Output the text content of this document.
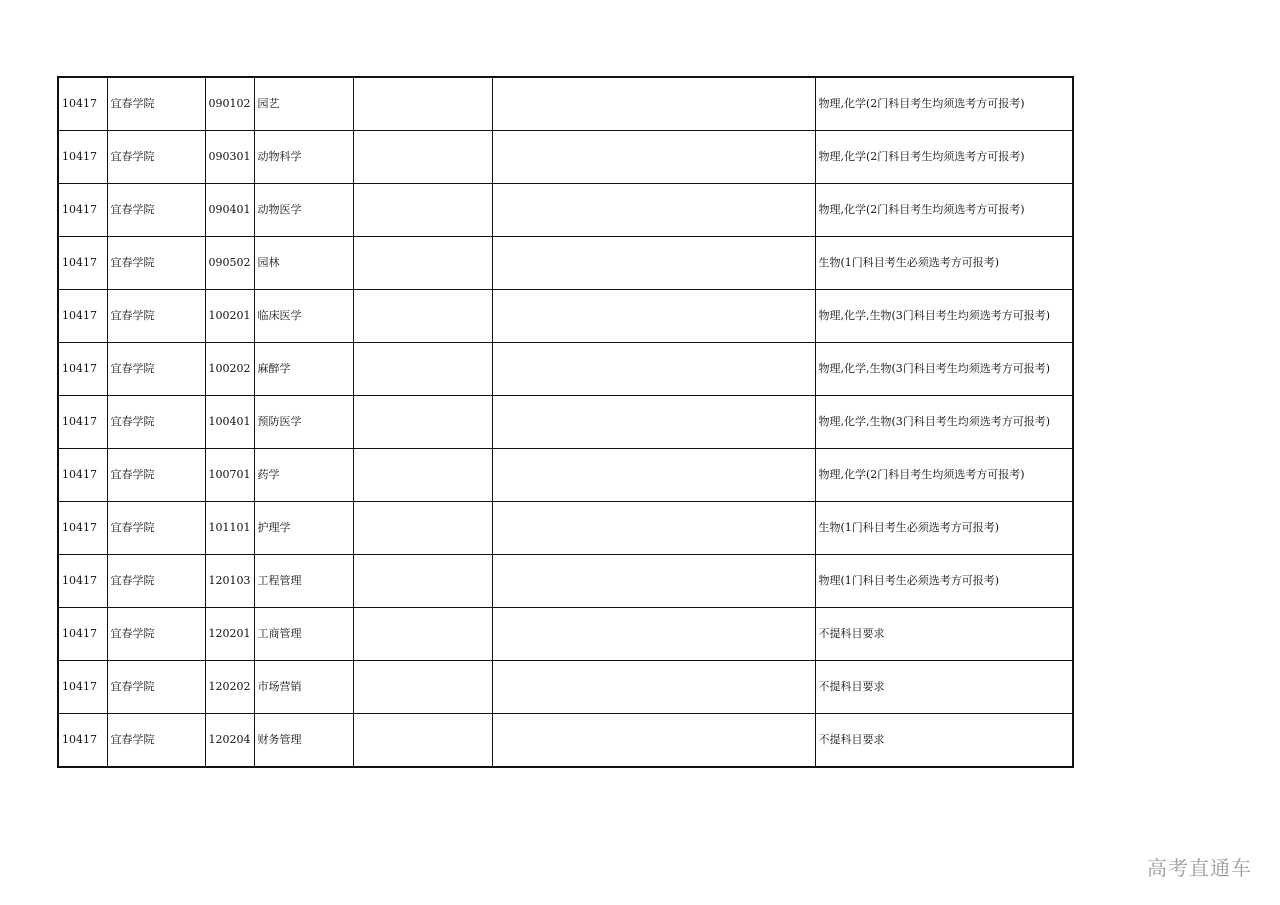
10417	宜春学院	090102	园艺			物理,化学(2门科目考生均须选考方可报考)
10417	宜春学院	090301	动物科学			物理,化学(2门科目考生均须选考方可报考)
10417	宜春学院	090401	动物医学			物理,化学(2门科目考生均须选考方可报考)
10417	宜春学院	090502	园林			生物(1门科目考生必须选考方可报考)
10417	宜春学院	100201	临床医学			物理,化学,生物(3门科目考生均须选考方可报考)
10417	宜春学院	100202	麻醉学			物理,化学,生物(3门科目考生均须选考方可报考)
10417	宜春学院	100401	预防医学			物理,化学,生物(3门科目考生均须选考方可报考)
10417	宜春学院	100701	药学			物理,化学(2门科目考生均须选考方可报考)
10417	宜春学院	101101	护理学			生物(1门科目考生必须选考方可报考)
10417	宜春学院	120103	工程管理			物理(1门科目考生必须选考方可报考)
10417	宜春学院	120201	工商管理			不提科目要求
10417	宜春学院	120202	市场营销			不提科目要求
10417	宜春学院	120204	财务管理			不提科目要求
高考直通车
